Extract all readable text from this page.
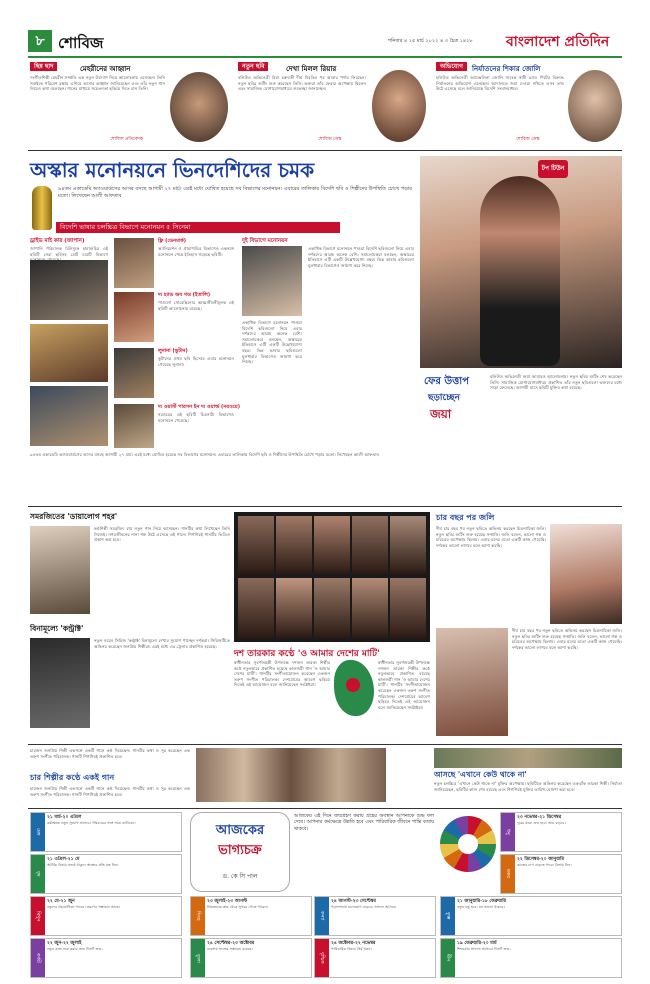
৮ শোবিজ	শনিবার ৪ ২৫ মার্চ ২০২২ ৪ ৩ চৈত্র ১৪২৮ বাংলাদেশ প্রতিদিন
ছিন্ন ছাদ	মেহরীনের আহ্বান
সংগীতশিল্পী মেহরীন সম্প্রতি এক নতুন উদ্যোগ নিয়ে আলোচনায় এসেছেন। তিনি সবাইকে পরিবেশ রক্ষায় এগিয়ে আসার আহ্বান জানিয়েছেন এবং তাঁর নতুন গান নিয়েও কথা বলেছেন। গানের মাধ্যমে সচেতনতা ছড়িয়ে দিতে চান তিনি।
শোবিজ প্রতিবেদক
নতুন ছবি	দেখা মিলল রিয়ার
বলিউড অভিনেত্রী রিয়া চক্রবর্তী দীর্ঘ বিরতির পর আবার পর্দায় ফিরছেন। নতুন ছবির শুটিং শুরু করেছেন তিনি। ভক্তরা তাঁর ফেরার অপেক্ষায় ছিলেন এবং সামাজিক যোগাযোগমাধ্যমে শুভেচ্ছা জানাচ্ছেন।
শোবিজ ডেস্ক
অভিযোগ	নির্যাতনের শিকার জোলি
হলিউড অভিনেত্রী অ্যাঞ্জেলিনা জোলি সাবেক স্বামী ব্র্যাড পিটের বিরুদ্ধে নির্যাতনের অভিযোগ এনেছেন। আদালতে জমা দেওয়া নথিতে এসব তথ্য উঠে এসেছে বলে জানিয়েছে বিদেশি সংবাদমাধ্যম।
শোবিজ ডেস্ক
অস্কার মনোনয়নে ভিনদেশিদের চমক
৯৪তম একাডেমি অ্যাওয়ার্ডসের আসর বসছে আগামী ২৭ মার্চ। এরই মধ্যে ঘোষিত হয়েছে সব বিভাগের মনোনয়ন। এবারের তালিকায় বিদেশি ছবি ও শিল্পীদের উপস্থিতি চোখে পড়ার মতো। লিখেছেন আলী আফতাব
বিদেশি ভাষার চলচ্চিত্র বিভাগে মনোনয়ন ৫ সিনেমা
ড্রাইভ মাই কার (জাপান)
জাপানি পরিচালক রিউসুকে হামাগুচির এই ছবিটি সেরা ছবিসহ মোট চারটি বিভাগে
ফ্লি (ডেনমার্ক)
অ্যানিমেশন ও প্রামাণ্যচিত্র বিভাগেও একসঙ্গে মনোনয়ন পেয়ে ইতিহাস গড়েছে ছবিটি।
দ্য হ্যান্ড অব গড (ইতালি)
পাওলো সোরেন্তিনোর আত্মজীবনীমূলক এই ছবিটি আলোচনায় রয়েছে।
লুনানা (ভুটান)
ভুটানের প্রথম ছবি হিসেবে এবার মনোনয়ন পেয়েছে লুনানা।
দ্য ওয়ার্স্ট পারসন ইন দ্য ওয়ার্ল্ড (নরওয়ে)
নরওয়ের এই ছবিটি চিত্রনাট্য বিভাগেও মনোনয়ন পেয়েছে।
দুই বিভাগে মনোনয়ন
একাধিক বিভাগে মনোনয়ন পাওয়া বিদেশি ছবিগুলো নিয়ে এবার দর্শকদের আগ্রহ অনেক বেশি। সমালোচকরা বলছেন, অস্কারের ইতিহাসে এটি একটি উল্লেখযোগ্য বছর। ভিন্ন ভাষার ছবিগুলো মূলধারার বিভাগেও জায়গা করে নিচ্ছে।
একাধিক বিভাগে মনোনয়ন পাওয়া বিদেশি ছবিগুলো নিয়ে এবার দর্শকদের আগ্রহ অনেক বেশি। সমালোচকরা বলছেন, অস্কারের ইতিহাসে এটি একটি উল্লেখযোগ্য বছর। ভিন্ন ভাষার ছবিগুলো মূলধারার বিভাগেও জায়গা করে নিচ্ছে।
৯৪তম একাডেমি অ্যাওয়ার্ডসের আসর বসছে আগামী ২৭ মার্চ। এরই মধ্যে ঘোষিত হয়েছে সব বিভাগের মনোনয়ন। এবারের তালিকায় বিদেশি ছবি ও শিল্পীদের উপস্থিতি চোখে পড়ার মতো। লিখেছেন আলী আফতাব
টপ টিউন
ফের উত্তাপ
ছড়াচ্ছেন
জয়া
বলিউড অভিনেত্রী জয়া আবারও আলোচনায়। নতুন ছবির শুটিং শেষ করেছেন তিনি। সামাজিক যোগাযোগমাধ্যমে প্রকাশিত তাঁর নতুন ছবিগুলো ভক্তদের মধ্যে সাড়া ফেলেছে। আগামী মাসে ছবিটি মুক্তির কথা রয়েছে।
সমরজিতের 'ডায়ালোগ শহর'
কণ্ঠশিল্পী সমরজিৎ রায় নতুন গান নিয়ে আসছেন। গানটির কথা লিখেছেন তিনি নিজেই। নগরজীবনের নানা গল্প উঠে এসেছে এই গানে। শিগগিরই গানটির ভিডিও প্রকাশ করা হবে।
বিনামূল্যে 'কন্ট্রাক্ট'
নতুন ওয়েব সিরিজ 'কন্ট্রাক্ট' বিনামূল্যে দেখার সুযোগ পাচ্ছেন দর্শকরা। সিরিজটিতে অভিনয় করেছেন জনপ্রিয় শিল্পীরা। এরই মধ্যে এর ট্রেলার প্রকাশিত হয়েছে।
দশ তারকার কণ্ঠে 'ও আমার দেশের মাটি'
স্বাধীনতার সুবর্ণজয়ন্তী উপলক্ষে দশজন তারকা শিল্পীর কণ্ঠে নতুনভাবে প্রকাশিত হয়েছে কালজয়ী গান 'ও আমার দেশের মাটি'। গানটির সংগীতায়োজন করেছেন একজন তরুণ সংগীত পরিচালক। দেশপ্রেমের আবেগ ছড়িয়ে দিতেই এই আয়োজন বলে জানিয়েছেন সংশ্লিষ্টরা।
স্বাধীনতার সুবর্ণজয়ন্তী উপলক্ষে দশজন তারকা শিল্পীর কণ্ঠে নতুনভাবে প্রকাশিত হয়েছে কালজয়ী গান 'ও আমার দেশের মাটি'। গানটির সংগীতায়োজন করেছেন একজন তরুণ সংগীত পরিচালক। দেশপ্রেমের আবেগ ছড়িয়ে দিতেই এই আয়োজন বলে জানিয়েছেন সংশ্লিষ্টরা।
চার বছর পর জলি
দীর্ঘ চার বছর পর নতুন ছবিতে অভিনয় করছেন চিত্রনায়িকা জলি। নতুন ছবির শুটিং শুরু হয়েছে সম্প্রতি। জলি বলেন, ভালো গল্প ও চরিত্রের অপেক্ষায় ছিলাম। এবার মনের মতো একটি কাজ পেয়েছি। দর্শকের ভালো লাগবে বলে আশা করছি।
দীর্ঘ চার বছর পর নতুন ছবিতে অভিনয় করছেন চিত্রনায়িকা জলি। নতুন ছবির শুটিং শুরু হয়েছে সম্প্রতি। জলি বলেন, ভালো গল্প ও চরিত্রের অপেক্ষায় ছিলাম। এবার মনের মতো একটি কাজ পেয়েছি। দর্শকের ভালো লাগবে বলে আশা করছি।
চারজন জনপ্রিয় শিল্পী একসঙ্গে একটি গানে কণ্ঠ দিয়েছেন। গানটির কথা ও সুর করেছেন এক তরুণ সংগীত পরিচালক। গানটি শিগগিরই প্রকাশিত হবে।
চার শিল্পীর কণ্ঠে একই গান
চারজন জনপ্রিয় শিল্পী একসঙ্গে একটি গানে কণ্ঠ দিয়েছেন। গানটির কথা ও সুর করেছেন এক তরুণ সংগীত পরিচালক। গানটি শিগগিরই প্রকাশিত হবে।
আসছে 'এখানে কেউ থাকে না'
নতুন চলচ্চিত্র 'এখানে কেউ থাকে না' মুক্তির অপেক্ষায়। ছবিটিতে অভিনয় করেছেন একঝাঁক তারকা শিল্পী। নির্মাতা জানিয়েছেন, ছবিটির কাজ শেষ হয়েছে এবং শিগগিরই মুক্তির তারিখ ঘোষণা করা হবে।
মেষ
২১ মার্চ-২০ এপ্রিল
কর্মক্ষেত্রে নতুন সুযোগ আসবে। পরিবারের সঙ্গে সময় কাটাবেন।
বৃষ
২১ এপ্রিল-২১ মে
আর্থিক বিষয়ে সতর্ক থাকুন। স্বাস্থ্যের প্রতি যত্ন নিন।
মিথুন
২২ মে-২১ জুন
বন্ধুদের সহযোগিতা পাবেন। ভ্রমণের সম্ভাবনা আছে।
কর্কট
২২ জুন-২২ জুলাই
নতুন কাজ শুরু করার জন্য দিনটি শুভ।
আজকের
ভাগ্যচক্র
ড. কে সি পাল
আজকের এই দিনে জন্মগ্রহণ করায় গ্রহের অবস্থান আপনাকে শুভ ফল দেবে। আপনার কর্মক্ষেত্রে উন্নতি হবে এবং পারিবারিক জীবনে শান্তি বজায় থাকবে।
সিংহ
২৩ জুলাই-২৩ আগস্ট
প্রিয়জনের কাছ থেকে সুখবর পেতে পারেন।
কন্যা
২৪ আগস্ট-২৩ সেপ্টেম্বর
পড়াশোনায় মনোযোগ বাড়বে। সাফল্য আসবে।
তুলা
২৪ সেপ্টেম্বর-২৩ অক্টোবর
ব্যবসায় লাভের সম্ভাবনা রয়েছে।
বৃশ্চিক
২৪ অক্টোবর-২২ নভেম্বর
পারিবারিক বিষয়ে ধৈর্য ধরুন।
ধনু
২৩ নভেম্বর-২১ ডিসেম্বর
দূরের যাত্রা শুভ হবে। আয় বাড়বে।
মকর
২২ ডিসেম্বর-২০ জানুয়ারি
কাজের চাপ বাড়তে পারে। বিশ্রাম নিন।
কুম্ভ
২১ জানুয়ারি-১৮ ফেব্রুয়ারি
নতুন বন্ধু হবে। মন ভালো থাকবে।
মীন
১৯ ফেব্রুয়ারি-২০ মার্চ
শিল্পচর্চায় সাফল্য আসবে। দিনটি শুভ।
